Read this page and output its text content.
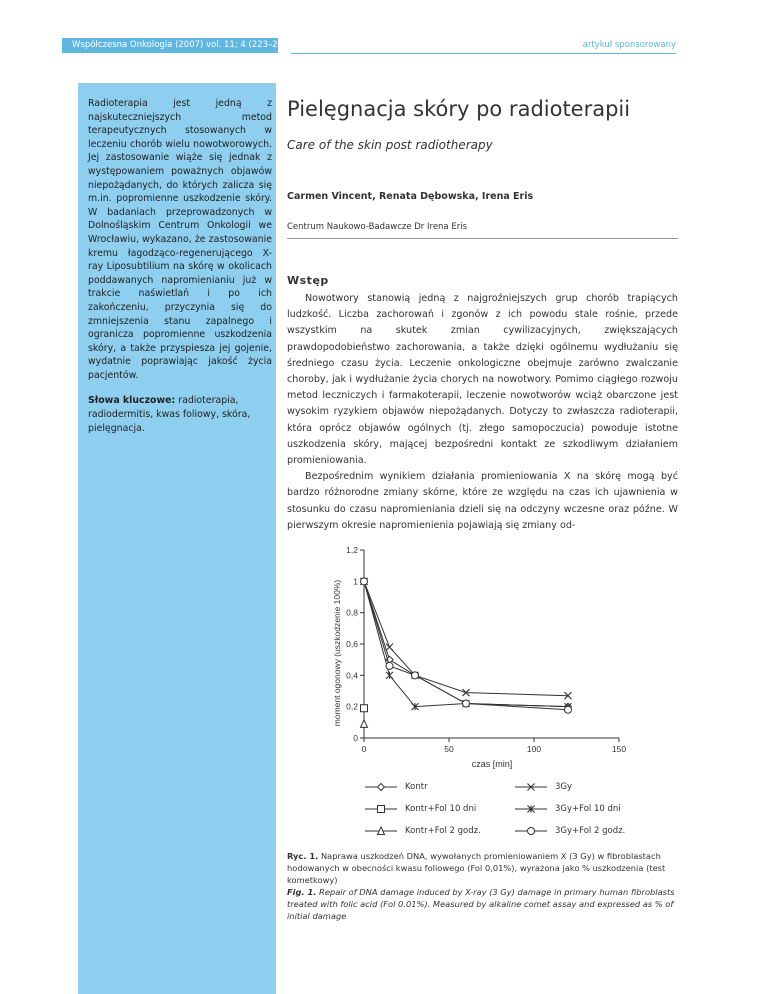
Współczesna Onkologia (2007) vol. 11; 4 (223–226)	artykuł sponsorowany

Radioterapia jest jedną z najskuteczniejszych metod terapeutycznych stosowanych w leczeniu chorób wielu nowotworowych. Jej zastosowanie wiąże się jednak z występowaniem poważnych objawów niepożądanych, do których zalicza się m.in. popromienne uszkodzenie skóry. W badaniach przeprowadzonych w Dolnośląskim Centrum Onkologii we Wrocławiu, wykazano, że zastosowanie kremu łagodząco-regenerującego X-ray Liposubtilium na skórę w okolicach poddawanych napromienianiu już w trakcie naświetlań i po ich zakończeniu, przyczynia się do zmniejszenia stanu zapalnego i ogranicza popromienne uszkodzenia skóry, a także przyspiesza jej gojenie, wydatnie poprawiając jakość życia pacjentów.

Słowa kluczowe: radioterapia, radiodermitis, kwas foliowy, skóra, pielęgnacja.

Pielęgnacja skóry po radioterapii
Care of the skin post radiotherapy
Carmen Vincent, Renata Dębowska, Irena Eris
Centrum Naukowo-Badawcze Dr Irena Eris
Wstęp

Nowotwory stanowią jedną z najgroźniejszych grup chorób trapiących ludzkość. Liczba zachorowań i zgonów z ich powodu stale rośnie, przede wszystkim na skutek zmian cywilizacyjnych, zwiększających prawdopodobieństwo zachorowania, a także dzięki ogólnemu wydłużaniu się średniego czasu życia. Leczenie onkologiczne obejmuje zarówno zwalczanie choroby, jak i wydłużanie życia chorych na nowotwory. Pomimo ciągłego rozwoju metod leczniczych i farmakoterapii, leczenie nowotworów wciąż obarczone jest wysokim ryzykiem objawów niepożądanych. Dotyczy to zwłaszcza radioterapii, która oprócz objawów ogólnych (tj. złego samopoczucia) powoduje istotne uszkodzenia skóry, mającej bezpośredni kontakt ze szkodliwym działaniem promieniowania.

Bezpośrednim wynikiem działania promieniowania X na skórę mogą być bardzo różnorodne zmiany skórne, które ze względu na czas ich ujawnienia w stosunku do czasu napromieniania dzieli się na odczyny wczesne oraz późne. W pierwszym okresie napromienienia pojawiają się zmiany od-

0
0,2
0,4
0,6
0,8
1
1,2
0	50	100	150
moment ogonowy (uszkodzenie 100%)
czas [min]
Kontr	3Gy
Kontr+Fol 10 dni	3Gy+Fol 10 dni
Kontr+Fol 2 godz.	3Gy+Fol 2 godz.
Ryc. 1. Naprawa uszkodzeń DNA, wywołanych promieniowaniem X (3 Gy) w fibroblastach hodowanych w obecności kwasu foliowego (Fol 0,01%), wyrażona jako % uszkodzenia (test kometkowy)
Fig. 1. Repair of DNA damage induced by X-ray (3 Gy) damage in primary human fibroblasts treated with folic acid (Fol 0.01%). Measured by alkaline comet assay and expressed as % of initial damage
